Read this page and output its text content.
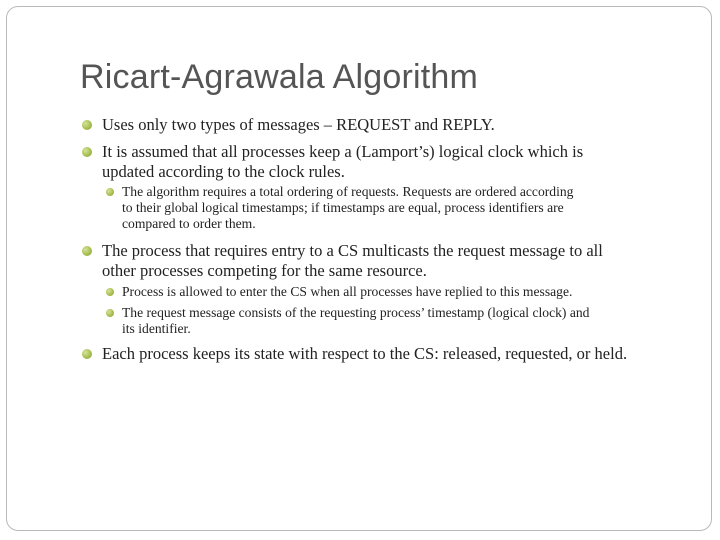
Ricart-Agrawala Algorithm
Uses only two types of messages – REQUEST and REPLY.
It is assumed that all processes keep a (Lamport’s) logical clock which is
updated according to the clock rules.
The algorithm requires a total ordering of requests. Requests are ordered according
to their global logical timestamps; if timestamps are equal, process identifiers are
compared to order them.
The process that requires entry to a CS multicasts the request message to all
other processes competing for the same resource.
Process is allowed to enter the CS when all processes have replied to this message.
The request message consists of the requesting process’ timestamp (logical clock) and
its identifier.
Each process keeps its state with respect to the CS: released, requested, or held.
